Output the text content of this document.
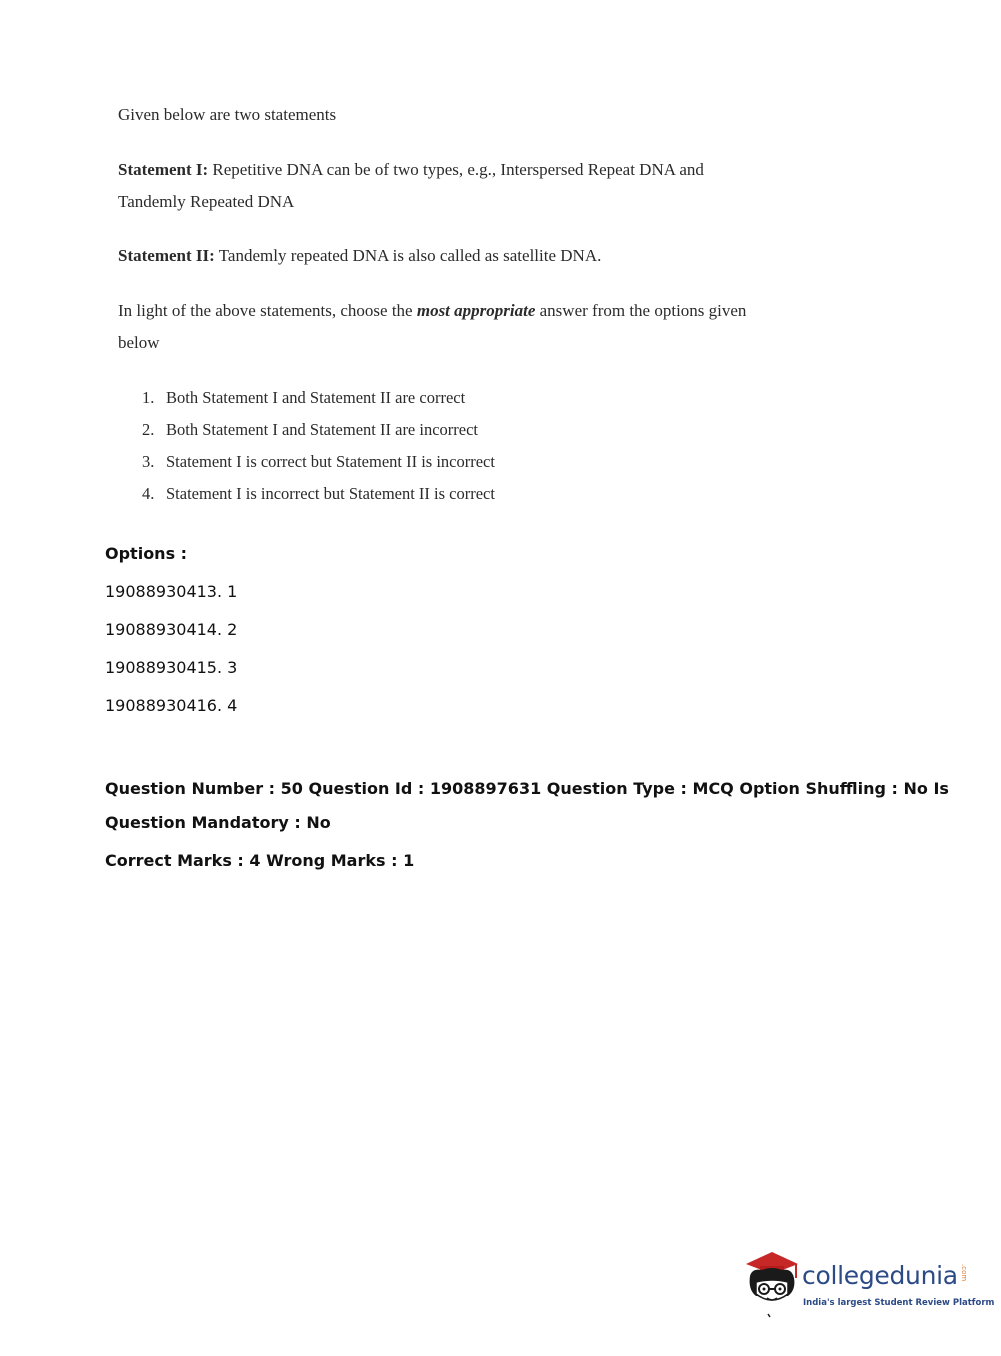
Given below are two statements
Statement I: Repetitive DNA can be of two types, e.g., Interspersed Repeat DNA and
Tandemly Repeated DNA
Statement II: Tandemly repeated DNA is also called as satellite DNA.
In light of the above statements, choose the most appropriate answer from the options given
below
1. Both Statement I and Statement II are correct
2. Both Statement I and Statement II are incorrect
3. Statement I is correct but Statement II is incorrect
4. Statement I is incorrect but Statement II is correct
Options :
19088930413. 1
19088930414. 2
19088930415. 3
19088930416. 4
Question Number : 50 Question Id : 1908897631 Question Type : MCQ Option Shuffling : No Is
Question Mandatory : No
Correct Marks : 4 Wrong Marks : 1
collegedunia .com
India's largest Student Review Platform
